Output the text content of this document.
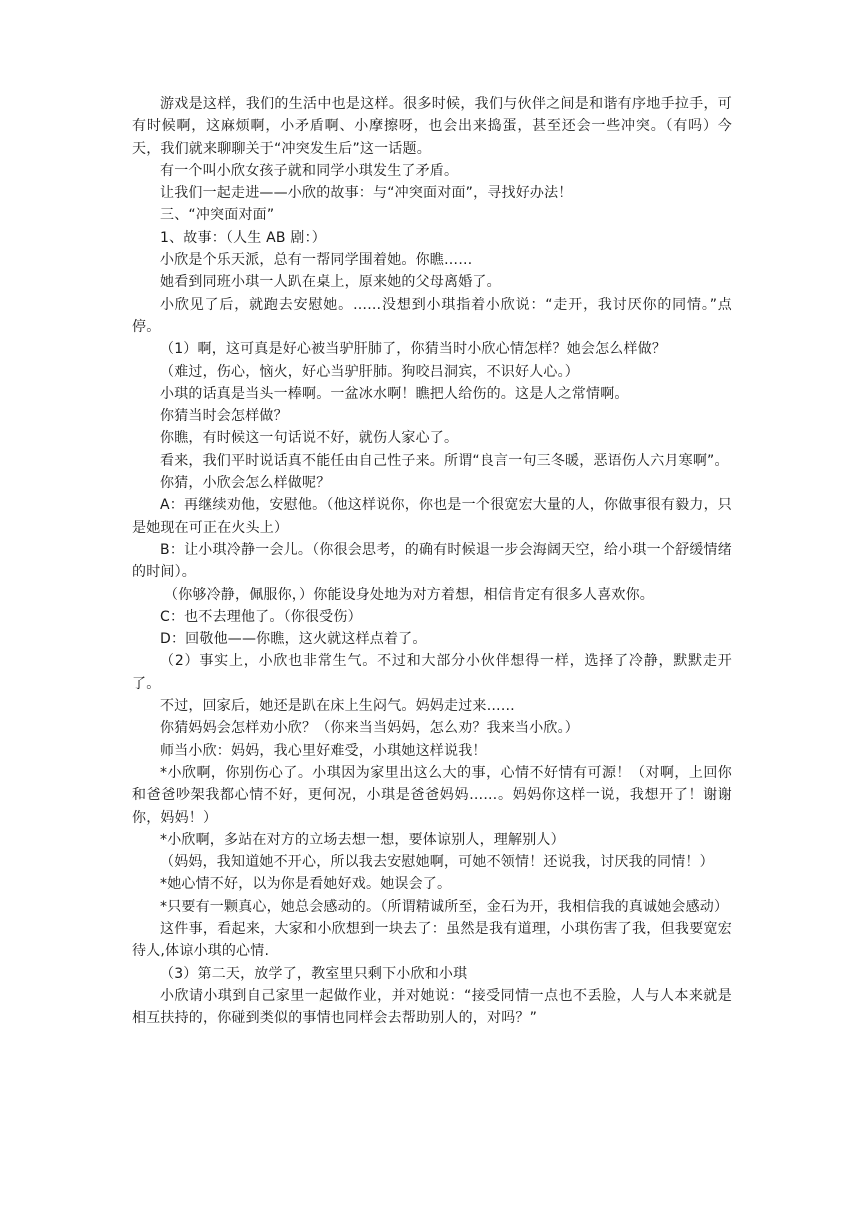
游戏是这样，我们的生活中也是这样。很多时候，我们与伙伴之间是和谐有序地手拉手，可有时候啊，这麻烦啊，小矛盾啊、小摩擦呀，也会出来捣蛋，甚至还会一些冲突。（有吗）今天，我们就来聊聊关于“冲突发生后”这一话题。

有一个叫小欣女孩子就和同学小琪发生了矛盾。

让我们一起走进——小欣的故事：与“冲突面对面”，寻找好办法！

三、“冲突面对面”

1、故事：（人生 AB 剧：）

小欣是个乐天派，总有一帮同学围着她。你瞧……

她看到同班小琪一人趴在桌上，原来她的父母离婚了。

小欣见了后，就跑去安慰她。……没想到小琪指着小欣说：“走开，我讨厌你的同情。”点停。

（1）啊，这可真是好心被当驴肝肺了，你猜当时小欣心情怎样？她会怎么样做？

（难过，伤心，恼火，好心当驴肝肺。狗咬吕洞宾，不识好人心。）

小琪的话真是当头一棒啊。一盆冰水啊！瞧把人给伤的。这是人之常情啊。

你猜当时会怎样做？

你瞧，有时候这一句话说不好，就伤人家心了。

看来，我们平时说话真不能任由自己性子来。所谓“良言一句三冬暖，恶语伤人六月寒啊”。

你猜，小欣会怎么样做呢？

A：再继续劝他，安慰他。（他这样说你，你也是一个很宽宏大量的人，你做事很有毅力，只是她现在可正在火头上）

B：让小琪冷静一会儿。（你很会思考，的确有时候退一步会海阔天空，给小琪一个舒缓情绪的时间）。

（你够冷静，佩服你，）你能设身处地为对方着想，相信肯定有很多人喜欢你。

C：也不去理他了。（你很受伤）

D：回敬他——你瞧，这火就这样点着了。

（2）事实上，小欣也非常生气。不过和大部分小伙伴想得一样，选择了冷静，默默走开了。

不过，回家后，她还是趴在床上生闷气。妈妈走过来……

你猜妈妈会怎样劝小欣？（你来当当妈妈，怎么劝？我来当小欣。）

师当小欣：妈妈，我心里好难受，小琪她这样说我！

*小欣啊，你别伤心了。小琪因为家里出这么大的事，心情不好情有可源！（对啊，上回你和爸爸吵架我都心情不好，更何况，小琪是爸爸妈妈……。妈妈你这样一说，我想开了！谢谢你，妈妈！）

*小欣啊，多站在对方的立场去想一想，要体谅别人，理解别人）

（妈妈，我知道她不开心，所以我去安慰她啊，可她不领情！还说我，讨厌我的同情！）

*她心情不好，以为你是看她好戏。她误会了。

*只要有一颗真心，她总会感动的。（所谓精诚所至，金石为开，我相信我的真诚她会感动）

这件事，看起来，大家和小欣想到一块去了：虽然是我有道理，小琪伤害了我，但我要宽宏待人,体谅小琪的心情.

（3）第二天，放学了，教室里只剩下小欣和小琪

小欣请小琪到自己家里一起做作业，并对她说：“接受同情一点也不丢脸，人与人本来就是相互扶持的，你碰到类似的事情也同样会去帮助别人的，对吗？”
